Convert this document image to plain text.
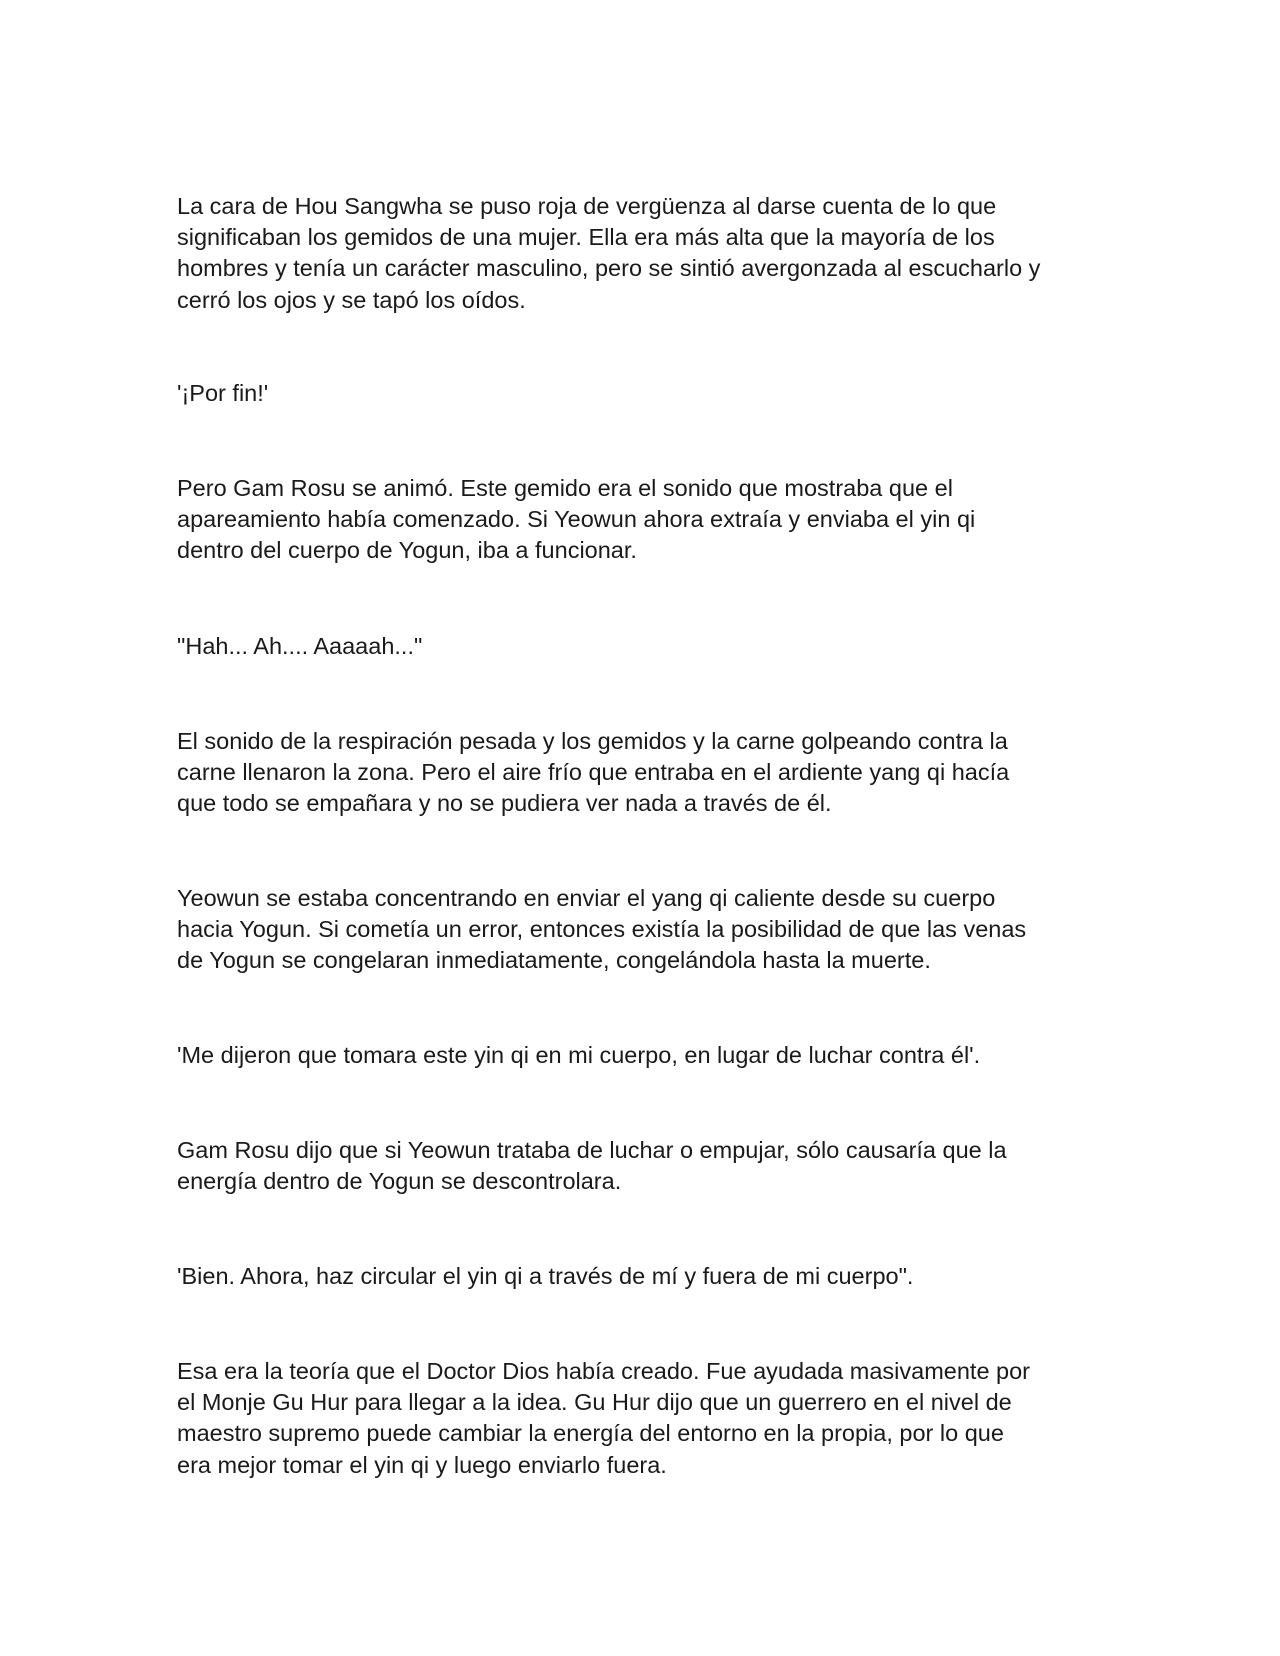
La cara de Hou Sangwha se puso roja de vergüenza al darse cuenta de lo que
significaban los gemidos de una mujer. Ella era más alta que la mayoría de los
hombres y tenía un carácter masculino, pero se sintió avergonzada al escucharlo y
cerró los ojos y se tapó los oídos.

'¡Por fin!'

Pero Gam Rosu se animó. Este gemido era el sonido que mostraba que el
apareamiento había comenzado. Si Yeowun ahora extraía y enviaba el yin qi
dentro del cuerpo de Yogun, iba a funcionar.

"Hah... Ah.... Aaaaah..."

El sonido de la respiración pesada y los gemidos y la carne golpeando contra la
carne llenaron la zona. Pero el aire frío que entraba en el ardiente yang qi hacía
que todo se empañara y no se pudiera ver nada a través de él.

Yeowun se estaba concentrando en enviar el yang qi caliente desde su cuerpo
hacia Yogun. Si cometía un error, entonces existía la posibilidad de que las venas
de Yogun se congelaran inmediatamente, congelándola hasta la muerte.

'Me dijeron que tomara este yin qi en mi cuerpo, en lugar de luchar contra él'.

Gam Rosu dijo que si Yeowun trataba de luchar o empujar, sólo causaría que la
energía dentro de Yogun se descontrolara.

'Bien. Ahora, haz circular el yin qi a través de mí y fuera de mi cuerpo".

Esa era la teoría que el Doctor Dios había creado. Fue ayudada masivamente por
el Monje Gu Hur para llegar a la idea. Gu Hur dijo que un guerrero en el nivel de
maestro supremo puede cambiar la energía del entorno en la propia, por lo que
era mejor tomar el yin qi y luego enviarlo fuera.
